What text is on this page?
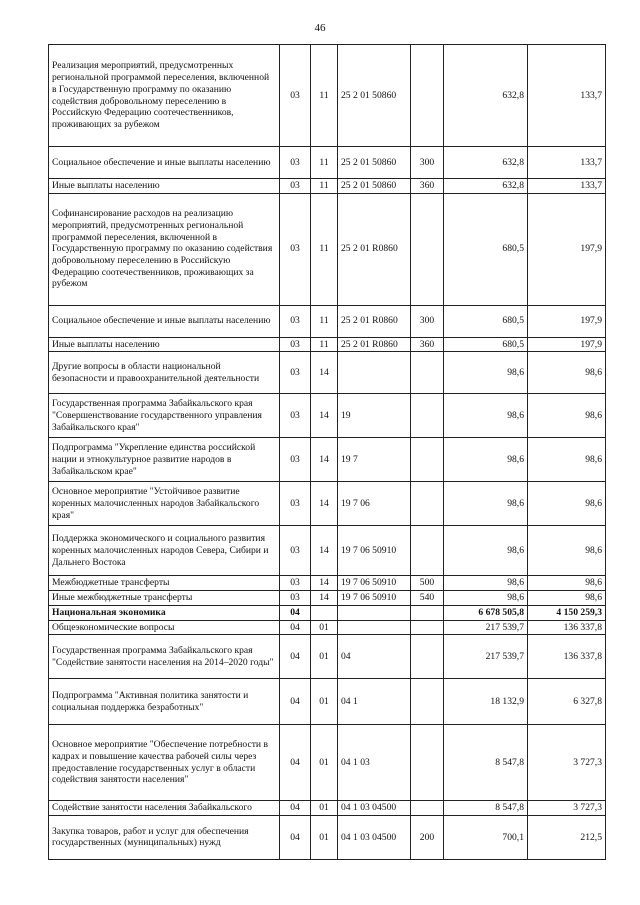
46
Реализация мероприятий, предусмотренных региональной программой переселения, включенной в Государственную программу по оказанию содействия добровольному переселению в Российскую Федерацию соотечественников, проживающих за рубежом	03	11	25 2 01 50860		632,8	133,7
Социальное обеспечение и иные выплаты населению	03	11	25 2 01 50860	300	632,8	133,7
Иные выплаты населению	03	11	25 2 01 50860	360	632,8	133,7
Софинансирование расходов на реализацию мероприятий, предусмотренных региональной программой переселения, включенной в Государственную программу по оказанию содействия добровольному переселению в Российскую Федерацию соотечественников, проживающих за рубежом	03	11	25 2 01 R0860		680,5	197,9
Социальное обеспечение и иные выплаты населению	03	11	25 2 01 R0860	300	680,5	197,9
Иные выплаты населению	03	11	25 2 01 R0860	360	680,5	197,9
Другие вопросы в области национальной безопасности и правоохранительной деятельности	03	14			98,6	98,6
Государственная программа Забайкальского края "Совершенствование государственного управления Забайкальского края"	03	14	19		98,6	98,6
Подпрограмма "Укрепление единства российской нации и этнокультурное развитие народов в Забайкальском крае"	03	14	19 7		98,6	98,6
Основное мероприятие "Устойчивое развитие коренных малочисленных народов Забайкальского края"	03	14	19 7 06		98,6	98,6
Поддержка экономического и социального развития коренных малочисленных народов Севера, Сибири и Дальнего Востока	03	14	19 7 06 50910		98,6	98,6
Межбюджетные трансферты	03	14	19 7 06 50910	500	98,6	98,6
Иные межбюджетные трансферты	03	14	19 7 06 50910	540	98,6	98,6
Национальная экономика	04				6 678 505,8	4 150 259,3
Общеэкономические вопросы	04	01			217 539,7	136 337,8
Государственная программа Забайкальского края "Содействие занятости населения на 2014–2020 годы"	04	01	04		217 539,7	136 337,8
Подпрограмма "Активная политика занятости и социальная поддержка безработных"	04	01	04 1		18 132,9	6 327,8
Основное мероприятие "Обеспечение потребности в кадрах и повышение качества рабочей силы через предоставление государственных услуг в области содействия занятости населения"	04	01	04 1 03		8 547,8	3 727,3
Содействие занятости населения Забайкальского	04	01	04 1 03 04500		8 547,8	3 727,3
Закупка товаров, работ и услуг для обеспечения государственных (муниципальных) нужд	04	01	04 1 03 04500	200	700,1	212,5
